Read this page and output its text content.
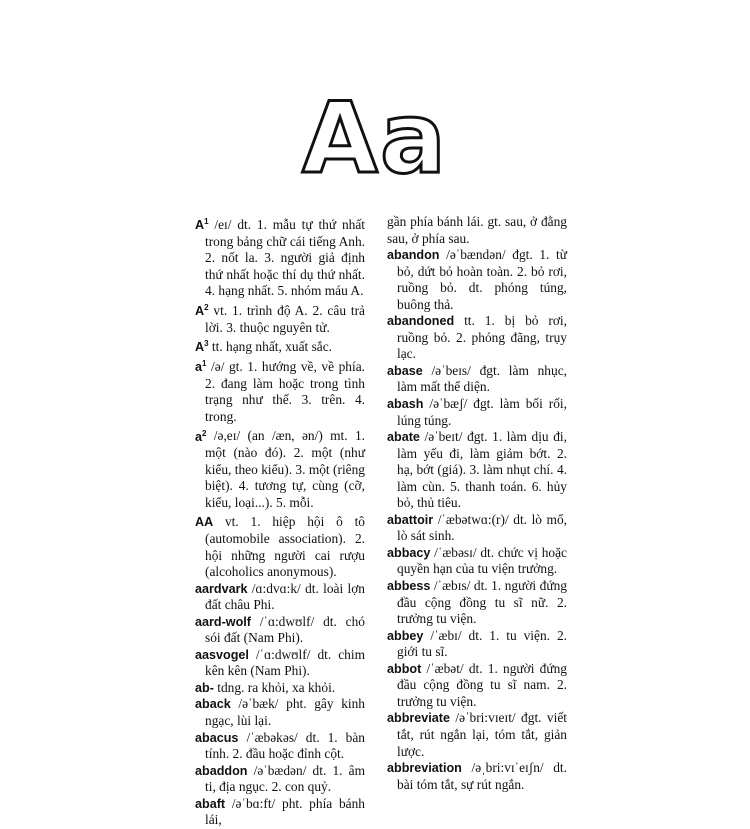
Aa
$A^1$ /eɪ/ dt. 1. mẫu tự thứ nhất trong bảng chữ cái tiếng Anh. 2. nốt la. 3. người giả định thứ nhất hoặc thí dụ thứ nhất. 4. hạng nhất. 5. nhóm máu A.
$A^2$ vt. 1. trình độ A. 2. câu trả lời. 3. thuộc nguyên tử.
$A^3$ tt. hạng nhất, xuất sắc.
$a^1$ /ə/ gt. 1. hướng về, về phía. 2. đang làm hoặc trong tình trạng như thế. 3. trên. 4. trong.
$a^2$ /ə,eɪ/ (an /æn, ən/) mt. 1. một (nào đó). 2. một (như kiểu, theo kiểu). 3. một (riêng biệt). 4. tương tự, cùng (cỡ, kiểu, loại...). 5. mỗi.
AA vt. 1. hiệp hội ô tô (automobile association). 2. hội những người cai rượu (alcoholics anonymous).
aardvark /ɑ:dvɑ:k/ dt. loài lợn đất châu Phi.
aard-wolf /ˈɑ:dwʊlf/ dt. chó sói đất (Nam Phi).
aasvogel /ˈɑ:dwʊlf/ dt. chim kên kên (Nam Phi).
ab- tdng. ra khỏi, xa khỏi.
aback /əˈbæk/ pht. gây kinh ngạc, lùi lại.
abacus /ˈæbəkəs/ dt. 1. bàn tính. 2. đầu hoặc đỉnh cột.
abaddon /əˈbædən/ dt. 1. âm ti, địa ngục. 2. con quỷ.
abaft /əˈbɑ:ft/ pht. phía bánh lái,
gần phía bánh lái. gt. sau, ở đằng sau, ở phía sau.
abandon /əˈbændən/ đgt. 1. từ bỏ, dứt bỏ hoàn toàn. 2. bỏ rơi, ruồng bỏ. dt. phóng túng, buông thả.
abandoned tt. 1. bị bỏ rơi, ruồng bỏ. 2. phóng đãng, trụy lạc.
abase /əˈbeɪs/ đgt. làm nhục, làm mất thể diện.
abash /əˈbæʃ/ đgt. làm bối rối, lúng túng.
abate /əˈbeɪt/ đgt. 1. làm dịu đi, làm yếu đi, làm giảm bớt. 2. hạ, bớt (giá). 3. làm nhụt chí. 4. làm cùn. 5. thanh toán. 6. hủy bỏ, thủ tiêu.
abattoir /ˈæbətwɑ:(r)/ dt. lò mổ, lò sát sinh.
abbacy /ˈæbəsɪ/ dt. chức vị hoặc quyền hạn của tu viện trưởng.
abbess /ˈæbɪs/ dt. 1. người đứng đầu cộng đồng tu sĩ nữ. 2. trưởng tu viện.
abbey /ˈæbɪ/ dt. 1. tu viện. 2. giới tu sĩ.
abbot /ˈæbət/ dt. 1. người đứng đầu cộng đồng tu sĩ nam. 2. trưởng tu viện.
abbreviate /əˈbri:vɪeɪt/ đgt. viết tắt, rút ngắn lại, tóm tắt, giản lược.
abbreviation /əˌbri:vɪˈeɪʃn/ dt. bài tóm tắt, sự rút ngắn.
